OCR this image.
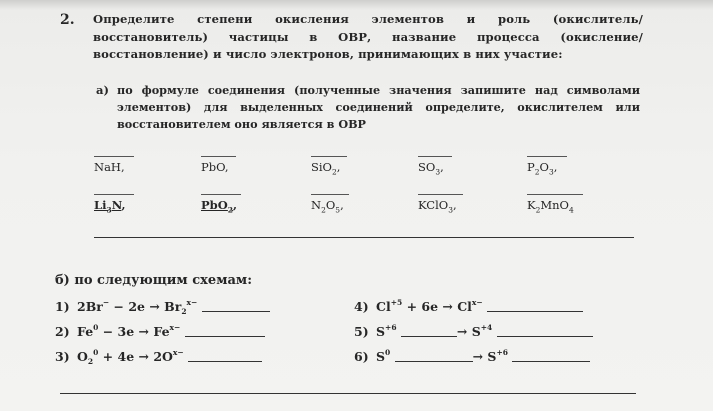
2. Определите степени окисления элементов и роль (окислитель/ восстановитель) частицы в ОВР, название процесса (окисление/ восстановление) и число электронов, принимающих в них участие:
а) по формуле соединения (полученные значения запишите над символами элементов) для выделенных соединений определите, окислителем или восстановителем оно является в ОВР
NaH,	PbO,	SiO$_2$,	$SO_3$,	$P_2O_3$,
$Li_3N$,	PbO$_2$,	$N_2O_5$,	KClO$_3$,	$K_2MnO_4$
б) по следующим схемам:
1) $2Br^- - 2e \to Br_2^{x-}$
2) $Fe^0 - 3e \to Fe^{x-}$
3) $O_2^0 + 4e \to 2O^{x-}$
4) $Cl^{+5} + 6e \to Cl^{x-}$
5) $S^{+6}$	→ $S^{+4}$
6) $S^0$	→ $S^{+6}$
